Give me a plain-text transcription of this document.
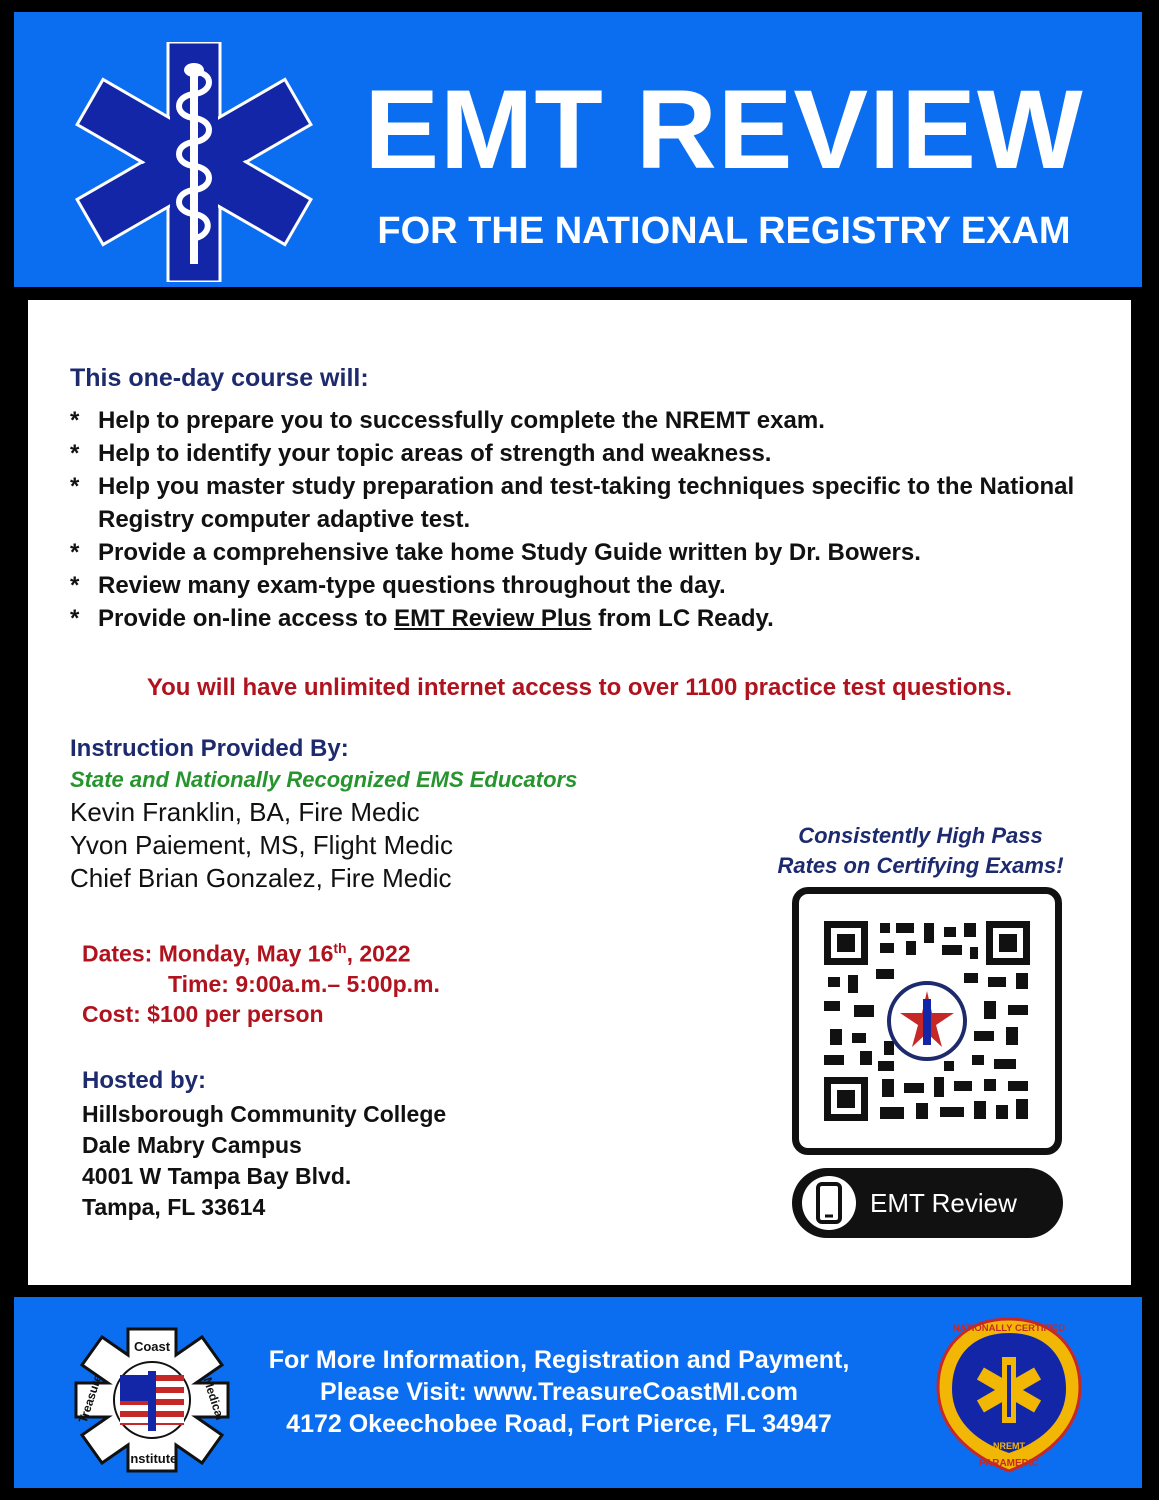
EMT REVIEW
FOR THE NATIONAL REGISTRY EXAM
This one-day course will:
* Help to prepare you to successfully complete the NREMT exam.
* Help to identify your topic areas of strength and weakness.
* Help you master study preparation and test-taking techniques specific to the National Registry computer adaptive test.
* Provide a comprehensive take home Study Guide written by Dr. Bowers.
* Review many exam-type questions throughout the day.
* Provide on-line access to EMT Review Plus from LC Ready.
You will have unlimited internet access to over 1100 practice test questions.
Instruction Provided By:
State and Nationally Recognized EMS Educators
Kevin Franklin, BA, Fire Medic
Yvon Paiement, MS, Flight Medic
Chief Brian Gonzalez, Fire Medic
Dates: Monday, May 16th, 2022
Time: 9:00a.m.– 5:00p.m.
Cost: $100 per person
Hosted by:
Hillsborough Community College
Dale Mabry Campus
4001 W Tampa Bay Blvd.
Tampa, FL 33614
Consistently High Pass
Rates on Certifying Exams!
EMT Review
Coast
Institute
Treasure	Medical
For More Information, Registration and Payment,
Please Visit: www.TreasureCoastMI.com
4172 Okeechobee Road, Fort Pierce, FL 34947
NATIONALLY CERTIFIED
NREMT
PARAMEDIC
